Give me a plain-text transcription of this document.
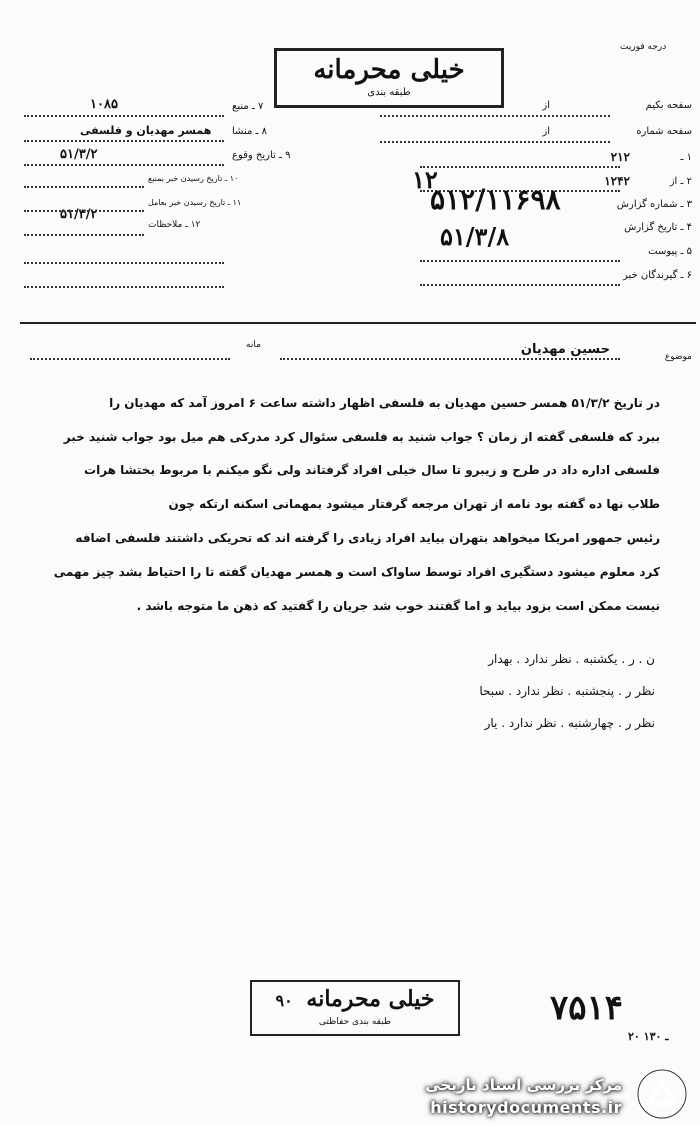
درجه فوریت
خیلی محرمانه
طبقه بندی
سفحه بکیم
از
سفحه شماره
از
۱ ـ
۲۱۲
۲ ـ از
۱۲۴۲
۳ ـ شماره گزارش
۴ ـ تاریخ گزارش
۵ ـ پیوست
۶ ـ گیرندگان خبر
۷ ـ منبع
۱۰۸۵
۸ ـ منشا
همسر مهدیان و فلسفی
۹ ـ تاریخ وقوع
۵۱/۳/۲
۱۰ ـ تاریخ رسیدن خبر بمنبع
۱۱ ـ تاریخ رسیدن خبر بعامل
۱۲ ـ ملاحظات
۵۱/۳/۲
۱۲
۵۱۲/۱۱۶۹۸
۵۱/۳/۸
موضوع
حسین مهدیان
مانه
در تاریخ ۵۱/۳/۲ همسر حسین مهدیان به فلسفی اظهار داشته ساعت ۶ امروز آمد که مهدیان را
ببرد که فلسفی گفته از زمان ؟ جواب شنید به فلسفی سئوال کرد مدرکی هم میل بود جواب شنید خبر
فلسفی اداره داد در طرح و زیبرو تا سال خیلی افراد گرفتاند ولی نگو میکنم با مربوط بختشا هرات
طلاب نها ده گفته بود نامه از تهران مرجعه گرفتار میشود بمهمانی اسکنه ارتکه چون
رئیس جمهور امریکا میخواهد بتهران بیاید افراد زیادی را گرفته اند که تحریکی داشتند فلسفی اضافه
کرد معلوم میشود دستگیری افراد توسط ساواک است و همسر مهدیان گفته تا را احتیاط بشد چیز مهمی
نیست ممکن است بزود بیاید و اما گفتند خوب شد جریان را گفتید که ذهن ما متوجه باشد .
ن . ر . یکشنبه . نظر ندارد . بهدار
نظر ر . پنجشنبه . نظر ندارد . سبحا
نظر ر . چهارشنبه . نظر ندارد . یار
خیلی محرمانه ۹۰
طبقه بندی حفاظتی	۷۵۱۴
۲۰ ـ ۱۳۰
مرکز بررسی اسناد تاریخی
historydocuments.ir
